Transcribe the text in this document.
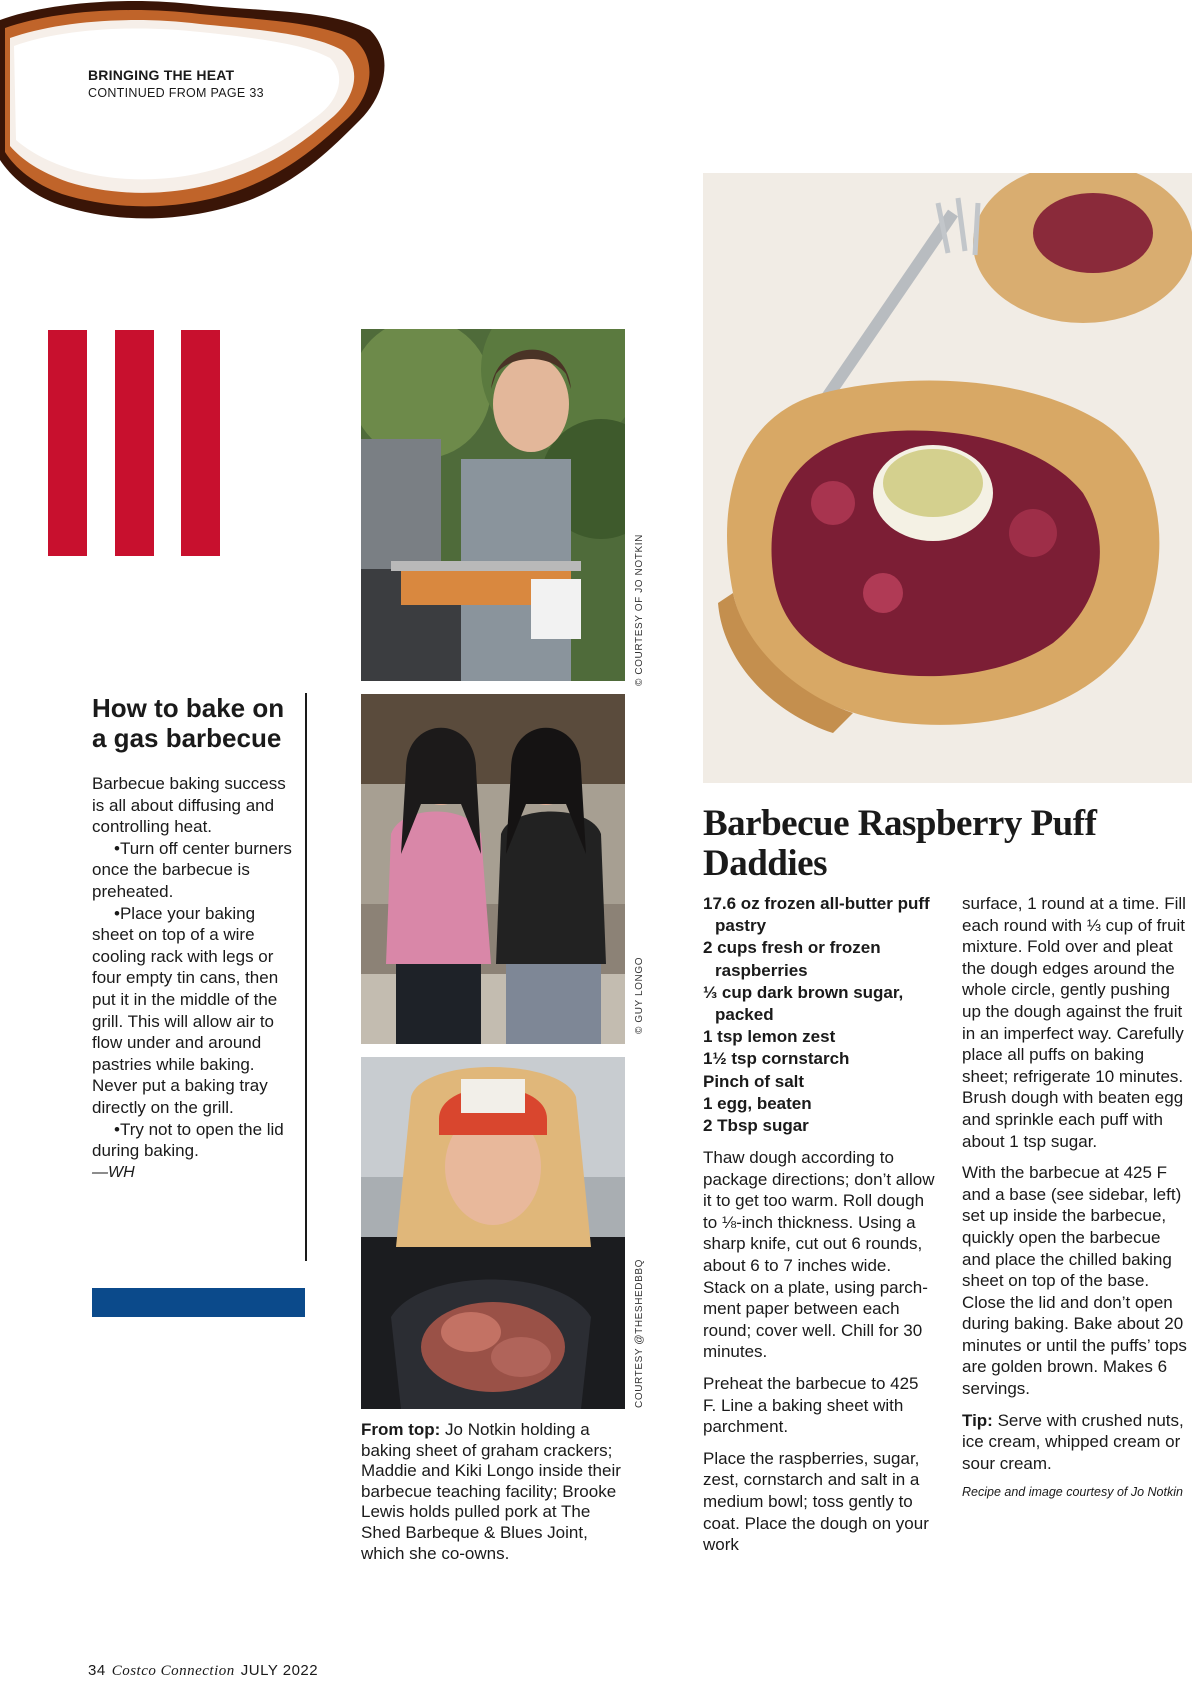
BRINGING THE HEAT
CONTINUED FROM PAGE 33
How to bake on a gas barbecue

Barbecue baking success is all about diffusing and controlling heat.

•Turn off center burners once the barbecue is preheated.

•Place your baking sheet on top of a wire cooling rack with legs or four empty tin cans, then put it in the middle of the grill. This will allow air to flow under and around pastries while baking. Never put a baking tray directly on the grill.

•Try not to open the lid during baking.

—WH

© COURTESY OF JO NOTKIN
© GUY LONGO
COURTESY @THESHEDBBQ
From top: Jo Notkin holding a baking sheet of graham crackers; Maddie and Kiki Longo inside their barbecue teaching facility; Brooke Lewis holds pulled pork at The Shed Barbeque & Blues Joint, which she co-owns.
Barbecue Raspberry Puff Daddies
17.6 oz frozen all-butter puff pastry
2 cups fresh or frozen raspberries
⅓ cup dark brown sugar, packed
1 tsp lemon zest
1½ tsp cornstarch
Pinch of salt
1 egg, beaten
2 Tbsp sugar

Thaw dough according to package directions; don’t allow it to get too warm. Roll dough to ⅛-inch thickness. Using a sharp knife, cut out 6 rounds, about 6 to 7 inches wide. Stack on a plate, using parchment paper between each round; cover well. Chill for 30 minutes.

Preheat the barbecue to 425 F. Line a baking sheet with parchment.

Place the raspberries, sugar, zest, cornstarch and salt in a medium bowl; toss gently to coat. Place the dough on your work

surface, 1 round at a time. Fill each round with ⅓ cup of fruit mixture. Fold over and pleat the dough edges around the whole circle, gently pushing up the dough against the fruit in an imperfect way. Carefully place all puffs on baking sheet; refrigerate 10 minutes. Brush dough with beaten egg and sprinkle each puff with about 1 tsp sugar.

With the barbecue at 425 F and a base (see sidebar, left) set up inside the barbecue, quickly open the barbecue and place the chilled baking sheet on top of the base. Close the lid and don’t open during baking. Bake about 20 minutes or until the puffs’ tops are golden brown. Makes 6 servings.

Tip: Serve with crushed nuts, ice cream, whipped cream or sour cream.

Recipe and image courtesy of Jo Notkin
34 Costco Connection JULY 2022
